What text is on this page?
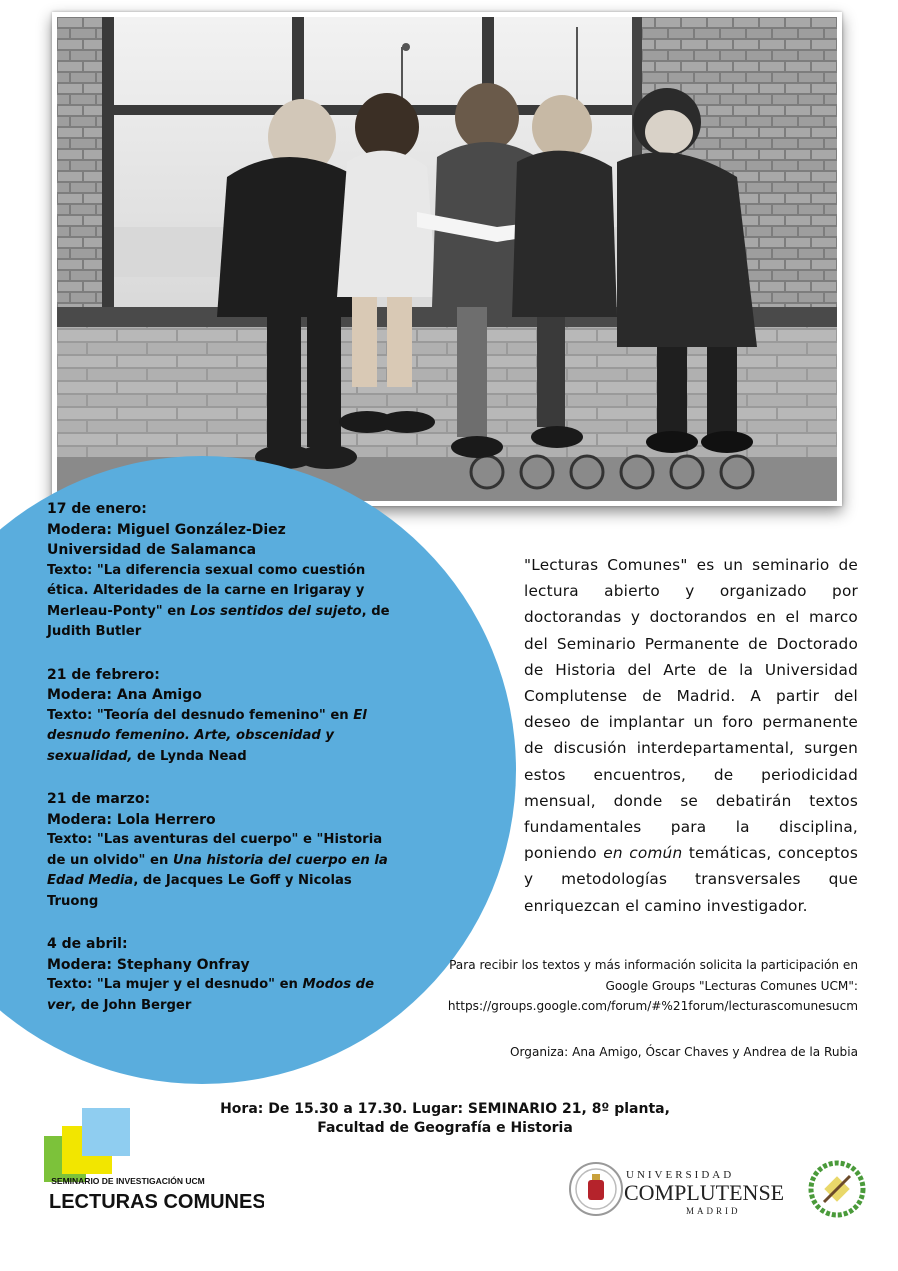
17 de enero:
Modera: Miguel González-Diez
Universidad de Salamanca
Texto: "La diferencia sexual como cuestión ética. Alteridades de la carne en Irigaray y Merleau-Ponty" en Los sentidos del sujeto, de Judith Butler
21 de febrero:
Modera: Ana Amigo
Texto: "Teoría del desnudo femenino" en El desnudo femenino. Arte, obscenidad y sexualidad, de Lynda Nead
21 de marzo:
Modera: Lola Herrero
Texto: "Las aventuras del cuerpo" e "Historia de un olvido" en Una historia del cuerpo en la Edad Media, de Jacques Le Goff y Nicolas Truong
4 de abril:
Modera: Stephany Onfray
Texto: "La mujer y el desnudo" en Modos de ver, de John Berger
"Lecturas Comunes" es un seminario de lectura abierto y organizado por doctorandas y doctorandos en el marco del Seminario Permanente de Doctorado de Historia del Arte de la Universidad Complutense de Madrid. A partir del deseo de implantar un foro permanente de discusión interdepartamental, surgen estos encuentros, de periodicidad mensual, donde se debatirán textos fundamentales para la disciplina, poniendo en común temáticas, conceptos y metodologías transversales que enriquezcan el camino investigador.
Para recibir los textos y más información solicita la participación en
Google Groups "Lecturas Comunes UCM":
https://groups.google.com/forum/#%21forum/lecturascomunesucm
Organiza: Ana Amigo, Óscar Chaves y Andrea de la Rubia
Hora: De 15.30 a 17.30. Lugar: SEMINARIO 21, 8º planta,
Facultad de Geografía e Historia
SEMINARIO DE INVESTIGACIÓN UCM
LECTURAS COMUNES
UNIVERSIDAD
COMPLUTENSE
MADRID
